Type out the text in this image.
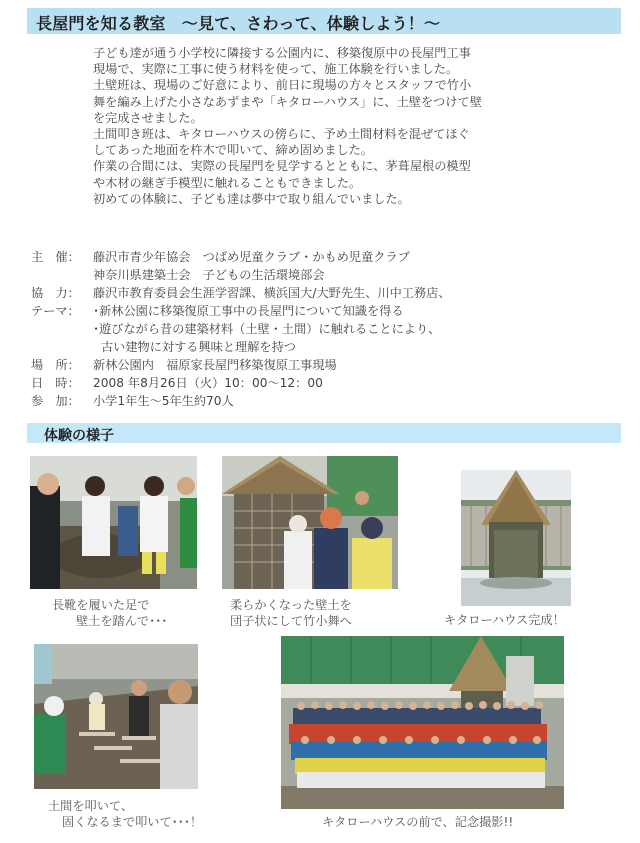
長屋門を知る教室　～見て、さわって、体験しよう！～

子ども達が通う小学校に隣接する公園内に、移築復原中の長屋門工事

現場で、実際に工事に使う材料を使って、施工体験を行いました。

土壁班は、現場のご好意により、前日に現場の方々とスタッフで竹小

舞を編み上げた小さなあずまや「キタローハウス」に、土壁をつけて壁

を完成させました。

土間叩き班は、キタローハウスの傍らに、予め土間材料を混ぜてほぐ

してあった地面を杵木で叩いて、締め固めました。

作業の合間には、実際の長屋門を見学するとともに、茅葺屋根の模型

や木材の継ぎ手模型に触れることもできました。

初めての体験に、子ども達は夢中で取り組んでいました。

主　催：	藤沢市青少年協会　つばめ児童クラブ・かもめ児童クラブ
神奈川県建築士会　子どもの生活環境部会
協　力：	藤沢市教育委員会生涯学習課、横浜国大/大野先生、川中工務店、
テーマ：	･新林公園に移築復原工事中の長屋門について知識を得る
･遊びながら昔の建築材料（土壁・土間）に触れることにより、
古い建物に対する興味と理解を持つ
場　所：	新林公園内　福原家長屋門移築復原工事現場
日　時：	2008 年8月26日（火）10：00～12：00
参　加：	小学1年生～5年生約70人
体験の様子
長靴を履いた足で
壁土を踏んで･･･
柔らかくなった壁土を
団子状にして竹小舞へ	キタローハウス完成！
土間を叩いて、
固くなるまで叩いて･･･！	キタローハウスの前で、記念撮影!!
